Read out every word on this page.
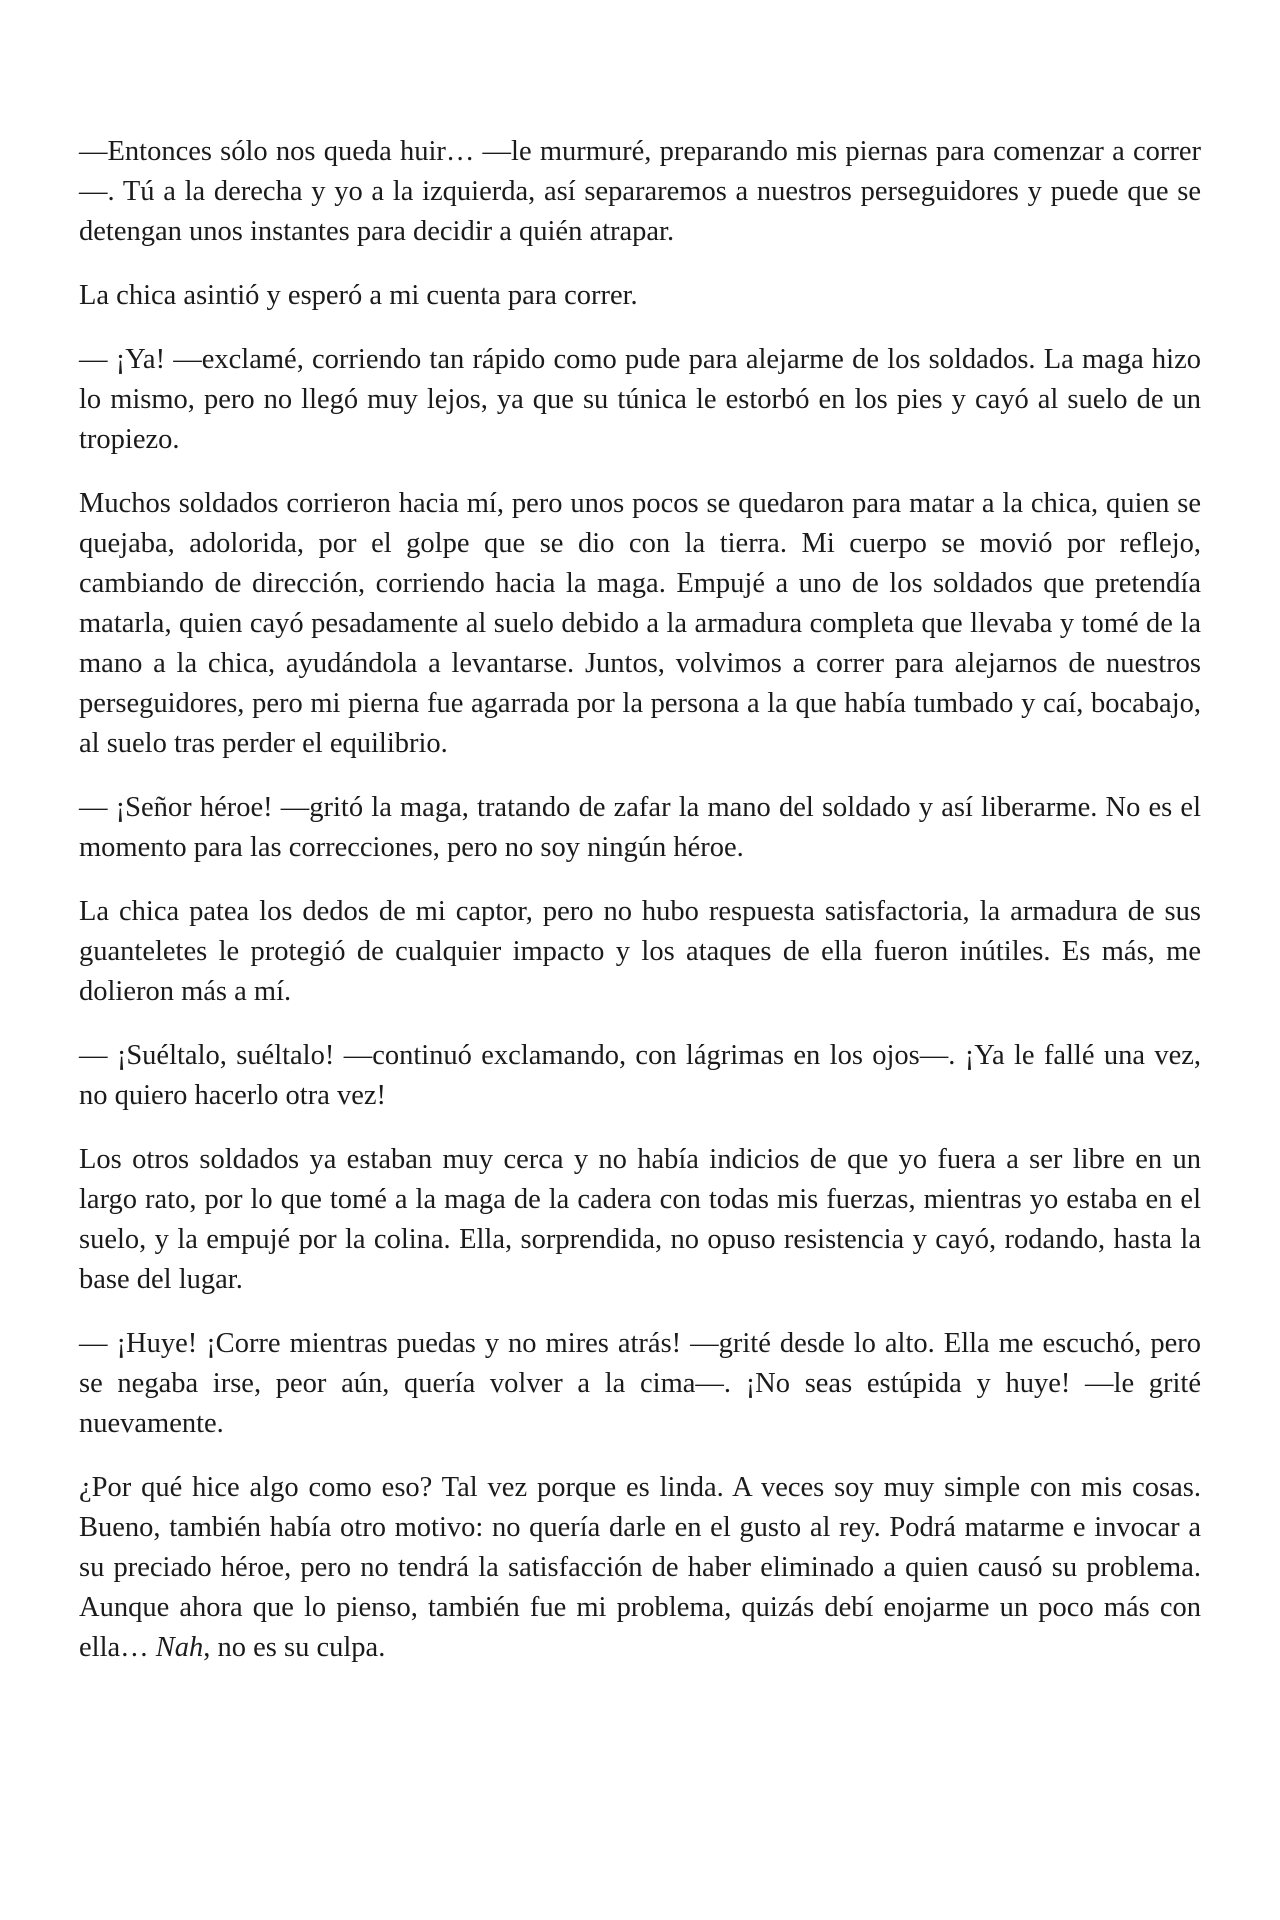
—Entonces sólo nos queda huir… —le murmuré, preparando mis piernas para comenzar a correr—. Tú a la derecha y yo a la izquierda, así separaremos a nuestros perseguidores y puede que se detengan unos instantes para decidir a quién atrapar.

La chica asintió y esperó a mi cuenta para correr.

— ¡Ya! —exclamé, corriendo tan rápido como pude para alejarme de los soldados. La maga hizo lo mismo, pero no llegó muy lejos, ya que su túnica le estorbó en los pies y cayó al suelo de un tropiezo.

Muchos soldados corrieron hacia mí, pero unos pocos se quedaron para matar a la chica, quien se quejaba, adolorida, por el golpe que se dio con la tierra. Mi cuerpo se movió por reflejo, cambiando de dirección, corriendo hacia la maga. Empujé a uno de los soldados que pretendía matarla, quien cayó pesadamente al suelo debido a la armadura completa que llevaba y tomé de la mano a la chica, ayudándola a levantarse. Juntos, volvimos a correr para alejarnos de nuestros perseguidores, pero mi pierna fue agarrada por la persona a la que había tumbado y caí, bocabajo, al suelo tras perder el equilibrio.

— ¡Señor héroe! —gritó la maga, tratando de zafar la mano del soldado y así liberarme. No es el momento para las correcciones, pero no soy ningún héroe.

La chica patea los dedos de mi captor, pero no hubo respuesta satisfactoria, la armadura de sus guanteletes le protegió de cualquier impacto y los ataques de ella fueron inútiles. Es más, me dolieron más a mí.

— ¡Suéltalo, suéltalo! —continuó exclamando, con lágrimas en los ojos—. ¡Ya le fallé una vez, no quiero hacerlo otra vez!

Los otros soldados ya estaban muy cerca y no había indicios de que yo fuera a ser libre en un largo rato, por lo que tomé a la maga de la cadera con todas mis fuerzas, mientras yo estaba en el suelo, y la empujé por la colina. Ella, sorprendida, no opuso resistencia y cayó, rodando, hasta la base del lugar.

— ¡Huye! ¡Corre mientras puedas y no mires atrás! —grité desde lo alto. Ella me escuchó, pero se negaba irse, peor aún, quería volver a la cima—. ¡No seas estúpida y huye! —le grité nuevamente.

¿Por qué hice algo como eso? Tal vez porque es linda. A veces soy muy simple con mis cosas. Bueno, también había otro motivo: no quería darle en el gusto al rey. Podrá matarme e invocar a su preciado héroe, pero no tendrá la satisfacción de haber eliminado a quien causó su problema. Aunque ahora que lo pienso, también fue mi problema, quizás debí enojarme un poco más con ella… Nah, no es su culpa.
